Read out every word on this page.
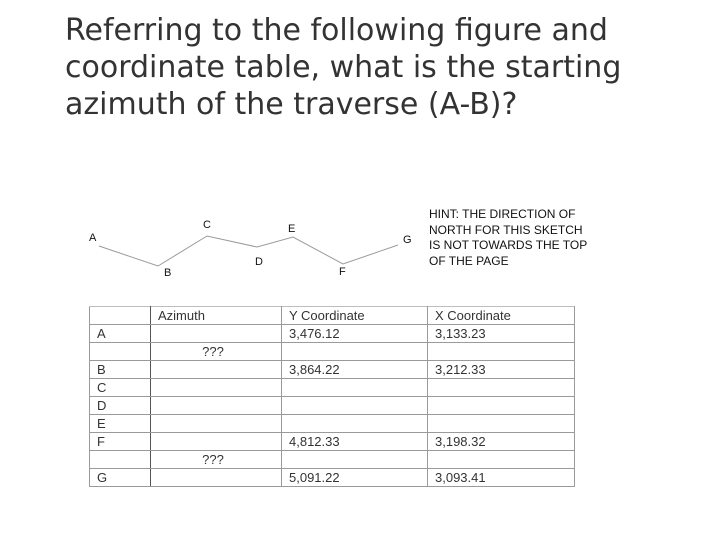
Referring to the following figure and coordinate table, what is the starting azimuth of the traverse (A-B)?
A
B
C
D
E
F
G
HINT: THE DIRECTION OF NORTH FOR THIS SKETCH IS NOT TOWARDS THE TOP OF THE PAGE
	Azimuth	Y Coordinate	X Coordinate
A		3,476.12	3,133.23
	???		
B		3,864.22	3,212.33
C			
D			
E			
F		4,812.33	3,198.32
	???		
G		5,091.22	3,093.41
